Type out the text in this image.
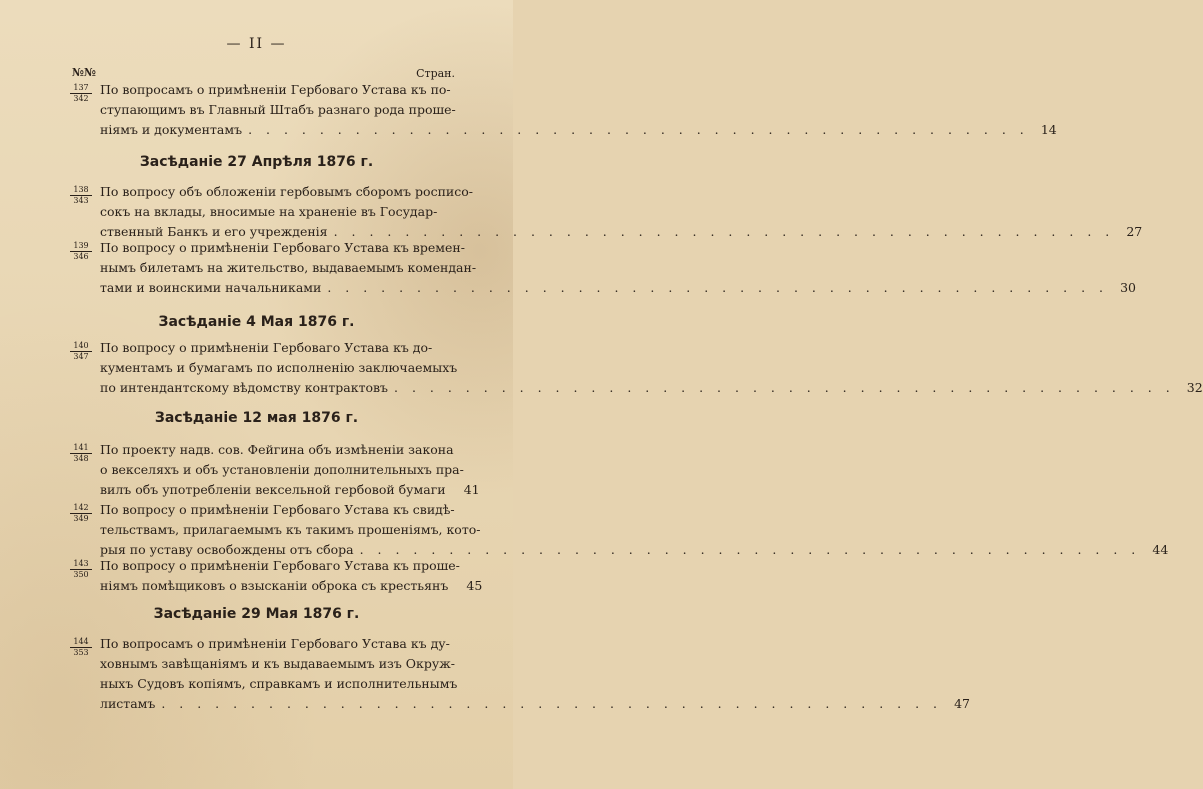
— II —
№№	Стран.
137
342
По вопросамъ о примѣненіи Гербоваго Устава къ по-
ступающимъ въ Главный Штабъ разнаго рода проше-
ніямъ и документамъ . . .	14
Засѣданіе 27 Апрѣля 1876 г.
138
343
По вопросу объ обложеніи гербовымъ сборомъ росписо-
сокъ на вклады, вносимые на храненіе въ Государ-
ственный Банкъ и его учрежденія . . .	27
139
346
По вопросу о примѣненіи Гербоваго Устава къ времен-
нымъ билетамъ на жительство, выдаваемымъ комендан-
тами и воинскими начальниками . . .	30
Засѣданіе 4 Мая 1876 г.
140
347
По вопросу о примѣненіи Гербоваго Устава къ до-
кументамъ и бумагамъ по исполненію заключаемыхъ
по интендантскому вѣдомству контрактовъ . . .	32
Засѣданіе 12 мая 1876 г.
141
348
По проекту надв. сов. Фейгина объ измѣненіи закона
о векселяхъ и объ установленіи дополнительныхъ пра-
вилъ объ употребленіи вексельной гербовой бумаги	41
142
349
По вопросу о примѣненіи Гербоваго Устава къ свидѣ-
тельствамъ, прилагаемымъ къ такимъ прошеніямъ, кото-
рыя по уставу освобождены отъ сбора . . .	44
143
350
По вопросу о примѣненіи Гербоваго Устава къ проше-
ніямъ помѣщиковъ о взысканіи оброка съ крестьянъ	45
Засѣданіе 29 Мая 1876 г.
144
353
По вопросамъ о примѣненіи Гербоваго Устава къ ду-
ховнымъ завѣщаніямъ и къ выдаваемымъ изъ Окруж-
ныхъ Судовъ копіямъ, справкамъ и исполнительнымъ
листамъ . . .	47
